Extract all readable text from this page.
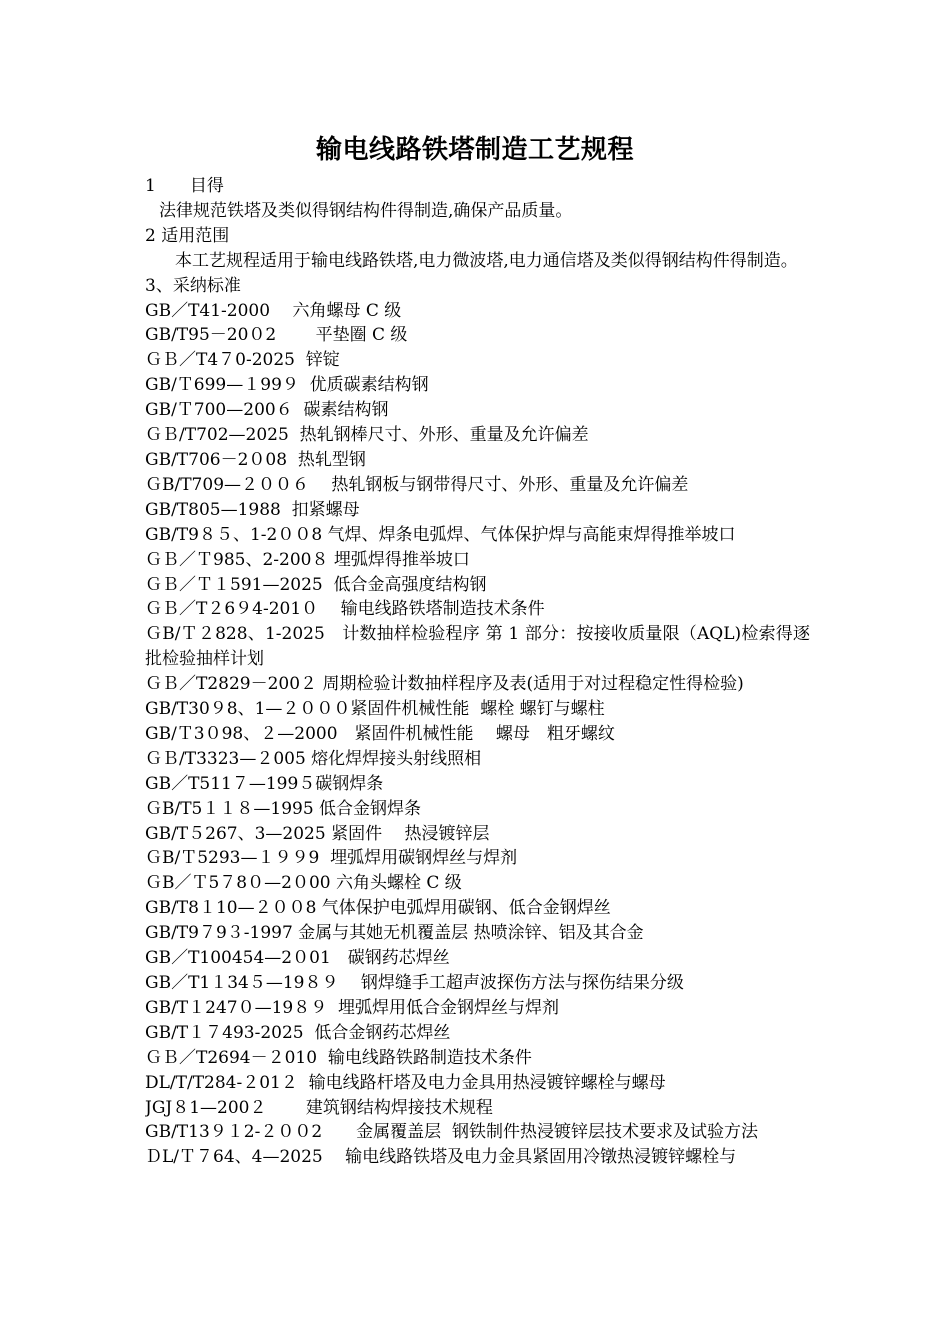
输电线路铁塔制造工艺规程
1　　目得
法律规范铁塔及类似得钢结构件得制造,确保产品质量。
2 适用范围
本工艺规程适用于输电线路铁塔,电力微波塔,电力通信塔及类似得钢结构件得制造。
3、采纳标准
GB／T41-2000　 六角螺母 C 级
GB/T95－20０2　　 平垫圈 C 级
ＧＢ／T4７0-2025  锌锭
GB/Ｔ699—１99９  优质碳素结构钢
GB/Ｔ700—200６  碳素结构钢
ＧＢ/T702—2025  热轧钢棒尺寸、外形、重量及允许偏差
GB/T706－2０08  热轧型钢
ＧB/T709—２００６　 热轧钢板与钢带得尺寸、外形、重量及允许偏差
GB/T805—1988  扣紧螺母
GB/T9８５、1-2００8 气焊、焊条电弧焊、气体保护焊与高能束焊得推举坡口
ＧＢ／Ｔ985、2-200８ 埋弧焊得推举坡口
ＧＢ／Ｔ１591—2025  低合金高强度结构钢
ＧＢ／T２6９4-201０　 输电线路铁塔制造技术条件
ＧB/Ｔ２828、1-2025　计数抽样检验程序 第 1 部分：按接收质量限（AQL)检索得逐批检验抽样计划
ＧＢ／T2829－200２ 周期检验计数抽样程序及表(适用于对过程稳定性得检验)
GB/T30９8、1—２０００紧固件机械性能  螺栓 螺钉与螺柱
GB/Ｔ3０98、２—2000　紧固件机械性能　 螺母　粗牙螺纹
ＧＢ/T3323—２005 熔化焊焊接头射线照相
GB／T511７—199５碳钢焊条
ＧB/T5１１８—1995 低合金钢焊条
GB/T５267、3—2025 紧固件　 热浸镀锌层
ＧB/Ｔ5293—１９９9  埋弧焊用碳钢焊丝与焊剂
ＧB／Ｔ5７8０—2０00 六角头螺栓 C 级
GB/T8１10—２００8 气体保护电弧焊用碳钢、低合金钢焊丝
GB/T9７9３-1997 金属与其她无机覆盖层 热喷涂锌、铝及其合金
GB／T100454—2０01　碳钢药芯焊丝
GB／T1１34５—19８９　 钢焊缝手工超声波探伤方法与探伤结果分级
GB/T１247０—19８９  埋弧焊用低合金钢焊丝与焊剂
GB/T１７493-2025  低合金钢药芯焊丝
ＧＢ／T2694－２010  输电线路铁路制造技术条件
DL/T/T284-２01２  输电线路杆塔及电力金具用热浸镀锌螺栓与螺母
JGJ８1—200２　　 建筑钢结构焊接技术规程
GB/T13９１2-２００2　　金属覆盖层  钢铁制件热浸镀锌层技术要求及试验方法
ＤL/Ｔ７64、4—2025　 输电线路铁塔及电力金具紧固用冷镦热浸镀锌螺栓与
